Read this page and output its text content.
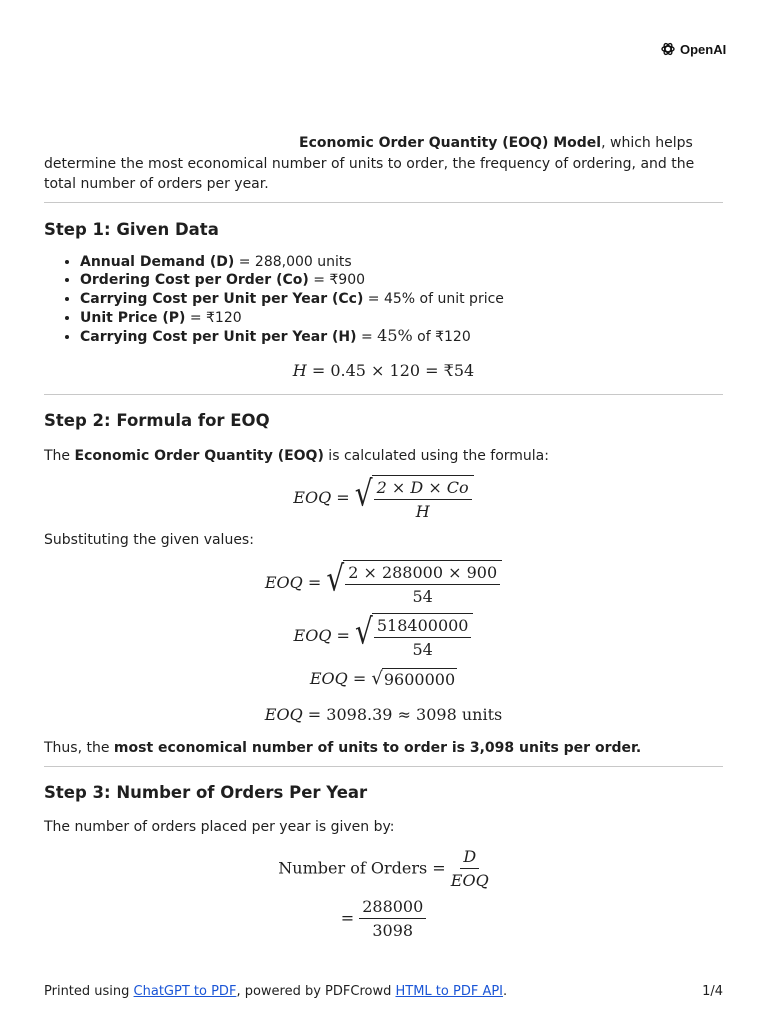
OpenAI

Economic Order Quantity (EOQ) Model, which helps determine the most economical number of units to order, the frequency of ordering, and the total number of orders per year.

Step 1: Given Data
• Annual Demand (D) = 288,000 units
• Ordering Cost per Order (Co) = ₹900
• Carrying Cost per Unit per Year (Cc) = 45% of unit price
• Unit Price (P) = ₹120
• Carrying Cost per Unit per Year (H) = 45% of ₹120
H = 0.45 × 120 = ₹54
Step 2: Formula for EOQ

The Economic Order Quantity (EOQ) is calculated using the formula:

EOQ = √ $\frac{2 \times D \times Co}{H}$

Substituting the given values:

EOQ = √ $\frac{2 \times 288000 \times 900}{54}$
EOQ = √ $\frac{518400000}{54}$
EOQ = √ 9600000
EOQ = 3098.39 ≈ 3098 units

Thus, the most economical number of units to order is 3,098 units per order.

Step 3: Number of Orders Per Year

The number of orders placed per year is given by:

Number of Orders = $\frac{D}{\text{EOQ}}$
= $\frac{288000}{3098}$
Printed using ChatGPT to PDF, powered by PDFCrowd HTML to PDF API.	1/4
